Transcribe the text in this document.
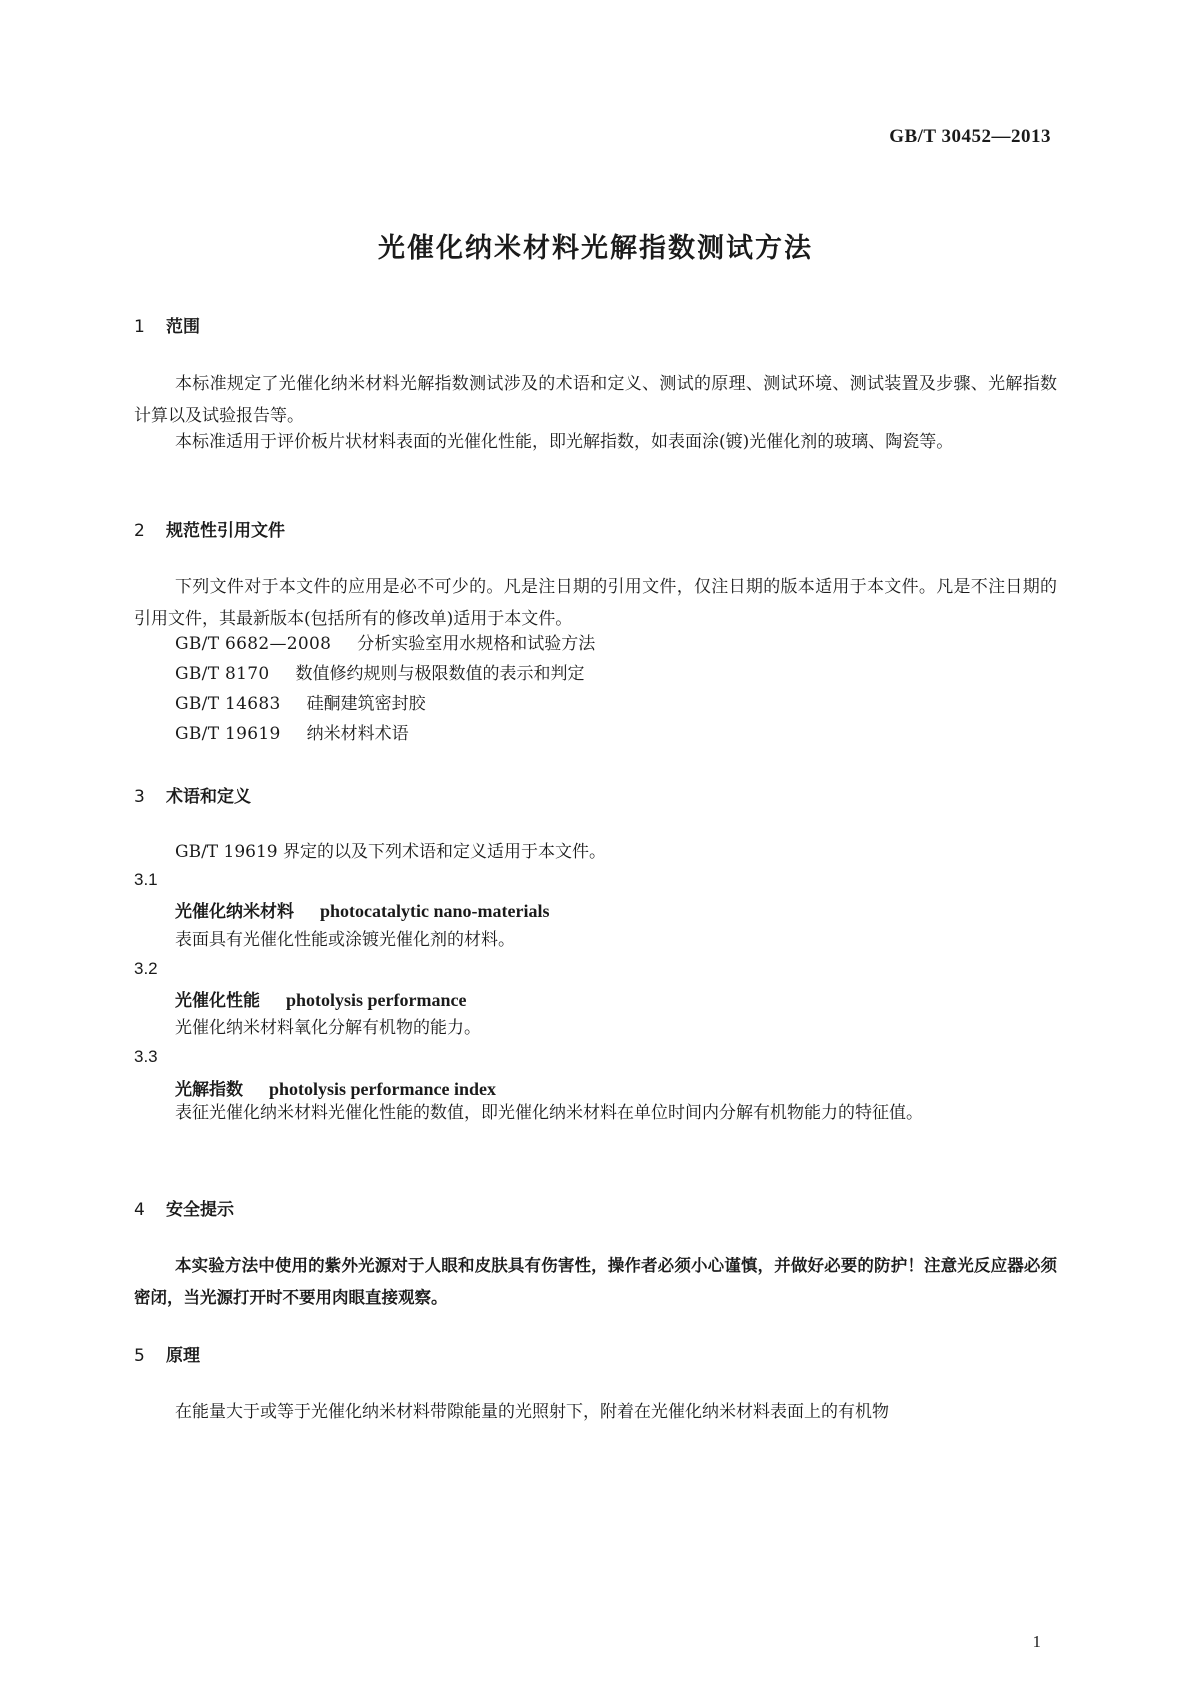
GB/T 30452—2013
光催化纳米材料光解指数测试方法
1 范围
本标准规定了光催化纳米材料光解指数测试涉及的术语和定义、测试的原理、测试环境、测试装置及步骤、光解指数计算以及试验报告等。
本标准适用于评价板片状材料表面的光催化性能，即光解指数，如表面涂(镀)光催化剂的玻璃、陶瓷等。
2 规范性引用文件
下列文件对于本文件的应用是必不可少的。凡是注日期的引用文件，仅注日期的版本适用于本文件。凡是不注日期的引用文件，其最新版本(包括所有的修改单)适用于本文件。
GB/T 6682—2008 分析实验室用水规格和试验方法
GB/T 8170 数值修约规则与极限数值的表示和判定
GB/T 14683 硅酮建筑密封胶
GB/T 19619 纳米材料术语
3 术语和定义
GB/T 19619 界定的以及下列术语和定义适用于本文件。
3.1
光催化纳米材料 photocatalytic nano-materials
表面具有光催化性能或涂镀光催化剂的材料。
3.2
光催化性能 photolysis performance
光催化纳米材料氧化分解有机物的能力。
3.3
光解指数 photolysis performance index
表征光催化纳米材料光催化性能的数值，即光催化纳米材料在单位时间内分解有机物能力的特征值。
4 安全提示
本实验方法中使用的紫外光源对于人眼和皮肤具有伤害性，操作者必须小心谨慎，并做好必要的防护！注意光反应器必须密闭，当光源打开时不要用肉眼直接观察。
5 原理
在能量大于或等于光催化纳米材料带隙能量的光照射下，附着在光催化纳米材料表面上的有机物
1
